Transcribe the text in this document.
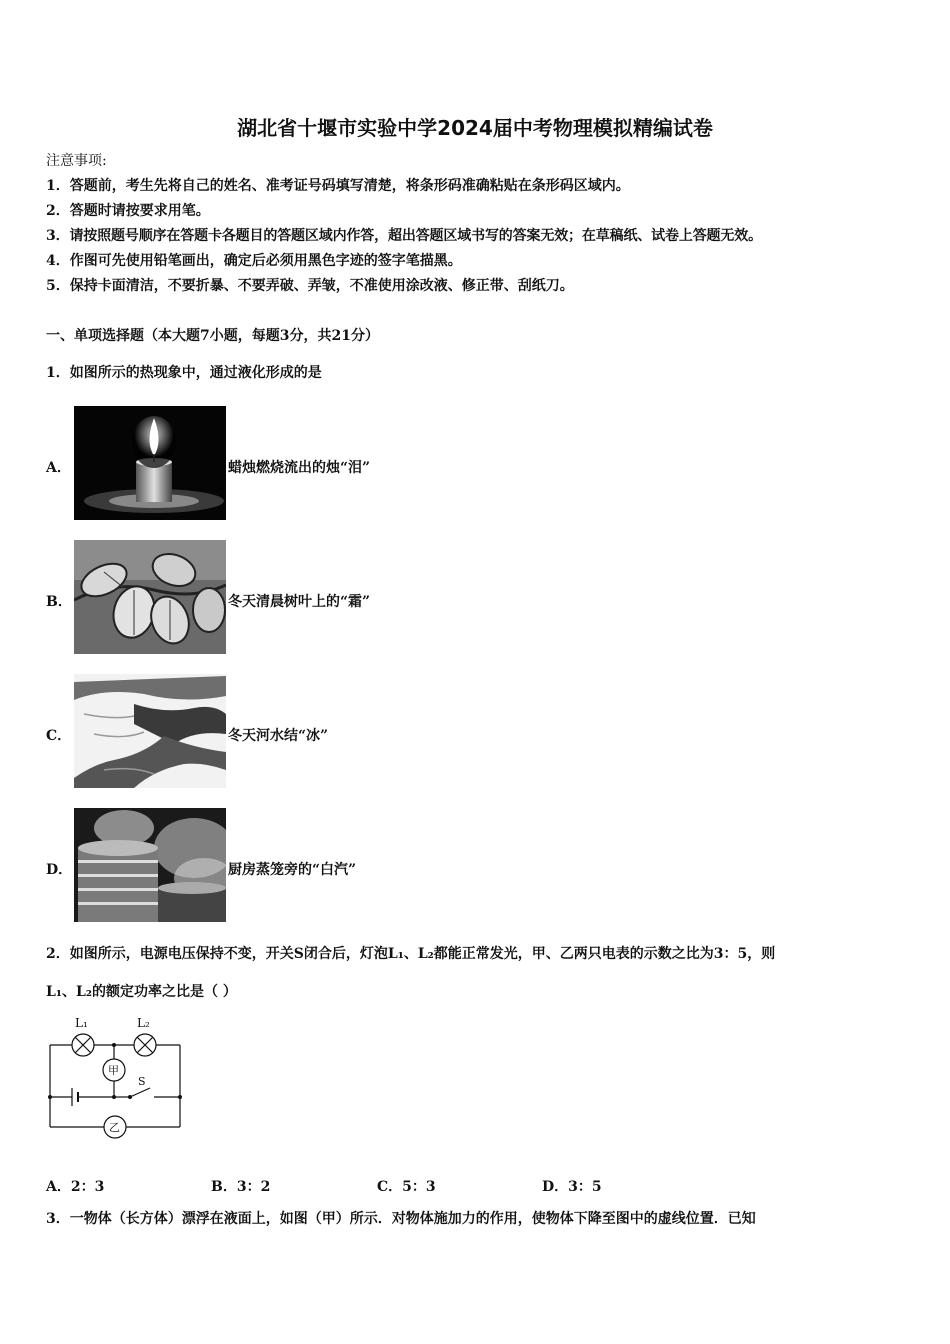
湖北省十堰市实验中学2024届中考物理模拟精编试卷
注意事项:
1．答题前，考生先将自己的姓名、准考证号码填写清楚，将条形码准确粘贴在条形码区域内。
2．答题时请按要求用笔。
3．请按照题号顺序在答题卡各题目的答题区域内作答，超出答题区域书写的答案无效；在草稿纸、试卷上答题无效。
4．作图可先使用铅笔画出，确定后必须用黑色字迹的签字笔描黑。
5．保持卡面清洁，不要折暴、不要弄破、弄皱，不准使用涂改液、修正带、刮纸刀。
一、单项选择题（本大题7小题，每题3分，共21分）
1．如图所示的热现象中，通过液化形成的是
A．	蜡烛燃烧流出的烛“泪”
B．	冬天清晨树叶上的“霜”
C．	冬天河水结“冰”
D．	厨房蒸笼旁的“白汽”
2．如图所示，电源电压保持不变，开关S闭合后，灯泡L₁、L₂都能正常发光，甲、乙两只电表的示数之比为3：5，则
L₁、L₂的额定功率之比是（ ）
L₁	L₂
甲
乙
S
A．2：3	B．3：2	C．5：3	D．3：5
3．一物体（长方体）漂浮在液面上，如图（甲）所示．对物体施加力的作用，使物体下降至图中的虚线位置．已知
